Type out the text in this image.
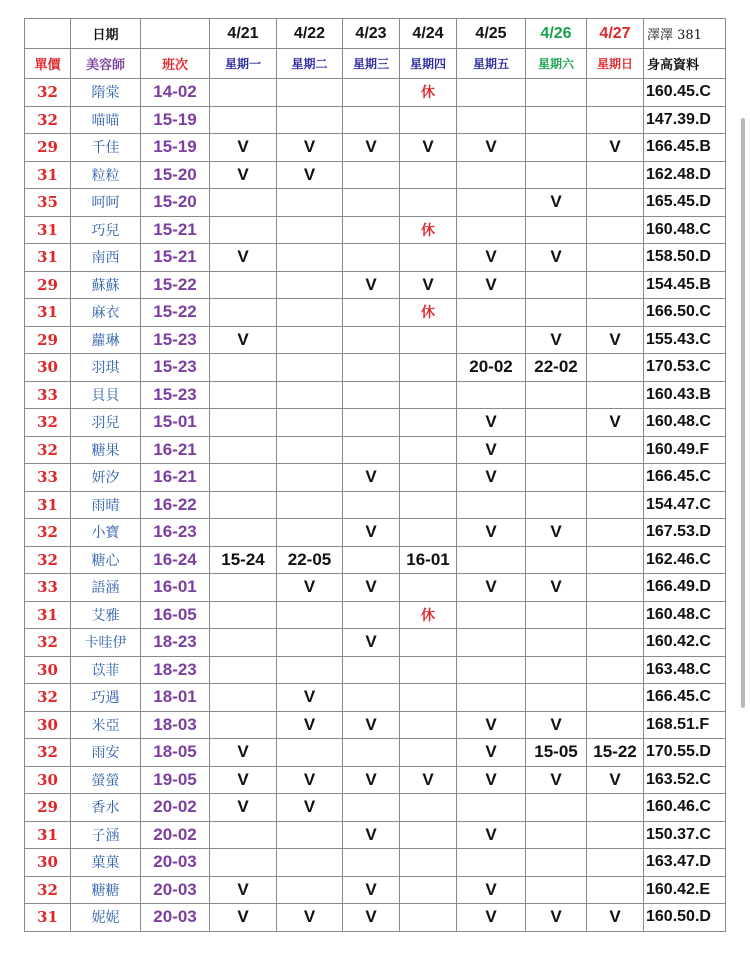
	日期		4/21	4/22	4/23	4/24	4/25	4/26	4/27	澤澤 381
單價	美容師	班次	星期一	星期二	星期三	星期四	星期五	星期六	星期日	身高資料
32	隋棠	14-02				休				160.45.C
32	喵喵	15-19								147.39.D
29	千佳	15-19	V	V	V	V	V		V	166.45.B
31	粒粒	15-20	V	V						162.48.D
35	呵呵	15-20						V		165.45.D
31	巧兒	15-21				休				160.48.C
31	南西	15-21	V				V	V		158.50.D
29	蘇蘇	15-22			V	V	V			154.45.B
31	麻衣	15-22				休				166.50.C
29	蘿琳	15-23	V					V	V	155.43.C
30	羽琪	15-23					20-02	22-02		170.53.C
33	貝貝	15-23								160.43.B
32	羽兒	15-01					V		V	160.48.C
32	糖果	16-21					V			160.49.F
33	妍汐	16-21			V		V			166.45.C
31	雨晴	16-22								154.47.C
32	小寶	16-23			V		V	V		167.53.D
32	糖心	16-24	15-24	22-05		16-01				162.46.C
33	語涵	16-01		V	V		V	V		166.49.D
31	艾雅	16-05				休				160.48.C
32	卡哇伊	18-23			V					160.42.C
30	苡菲	18-23								163.48.C
32	巧遇	18-01		V						166.45.C
30	米亞	18-03		V	V		V	V		168.51.F
32	雨安	18-05	V				V	15-05	15-22	170.55.D
30	螢螢	19-05	V	V	V	V	V	V	V	163.52.C
29	香水	20-02	V	V						160.46.C
31	子涵	20-02			V		V			150.37.C
30	菓菓	20-03								163.47.D
32	糖糖	20-03	V		V		V			160.42.E
31	妮妮	20-03	V	V	V		V	V	V	160.50.D
